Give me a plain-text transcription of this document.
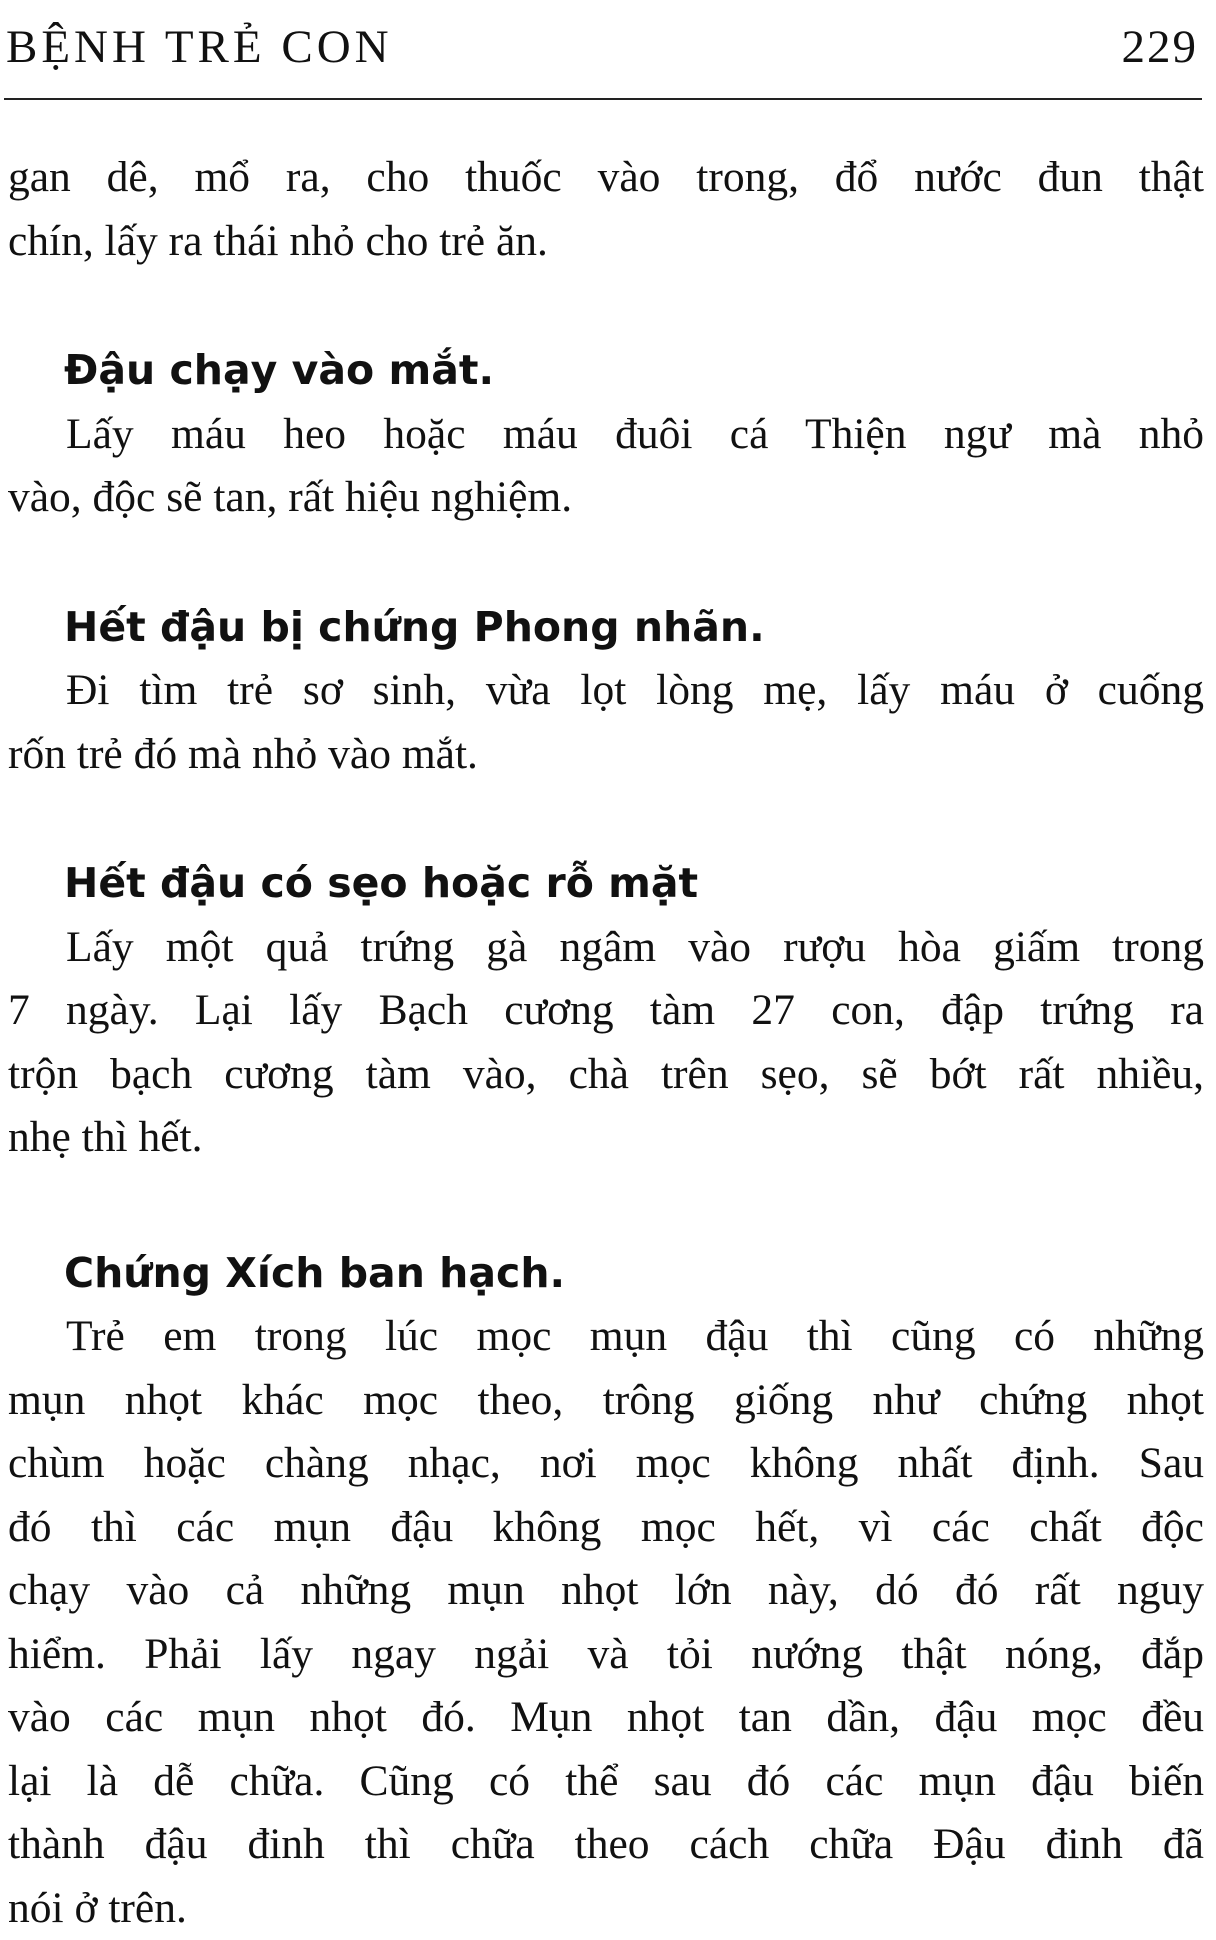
BỆNH TRẺ CON	229

gan dê, mổ ra, cho thuốc vào trong, đổ nước đun thật
chín, lấy ra thái nhỏ cho trẻ ăn.

Đậu chạy vào mắt.

Lấy máu heo hoặc máu đuôi cá Thiện ngư mà nhỏ
vào, độc sẽ tan, rất hiệu nghiệm.

Hết đậu bị chứng Phong nhãn.

Đi tìm trẻ sơ sinh, vừa lọt lòng mẹ, lấy máu ở cuống
rốn trẻ đó mà nhỏ vào mắt.

Hết đậu có sẹo hoặc rỗ mặt

Lấy một quả trứng gà ngâm vào rượu hòa giấm trong
7 ngày. Lại lấy Bạch cương tàm 27 con, đập trứng ra
trộn bạch cương tàm vào, chà trên sẹo, sẽ bớt rất nhiều,
nhẹ thì hết.

Chứng Xích ban hạch.

Trẻ em trong lúc mọc mụn đậu thì cũng có những
mụn nhọt khác mọc theo, trông giống như chứng nhọt
chùm hoặc chàng nhạc, nơi mọc không nhất định. Sau
đó thì các mụn đậu không mọc hết, vì các chất độc
chạy vào cả những mụn nhọt lớn này, dó đó rất nguy
hiểm. Phải lấy ngay ngải và tỏi nướng thật nóng, đắp
vào các mụn nhọt đó. Mụn nhọt tan dần, đậu mọc đều
lại là dễ chữa. Cũng có thể sau đó các mụn đậu biến
thành đậu đinh thì chữa theo cách chữa Đậu đinh đã
nói ở trên.
